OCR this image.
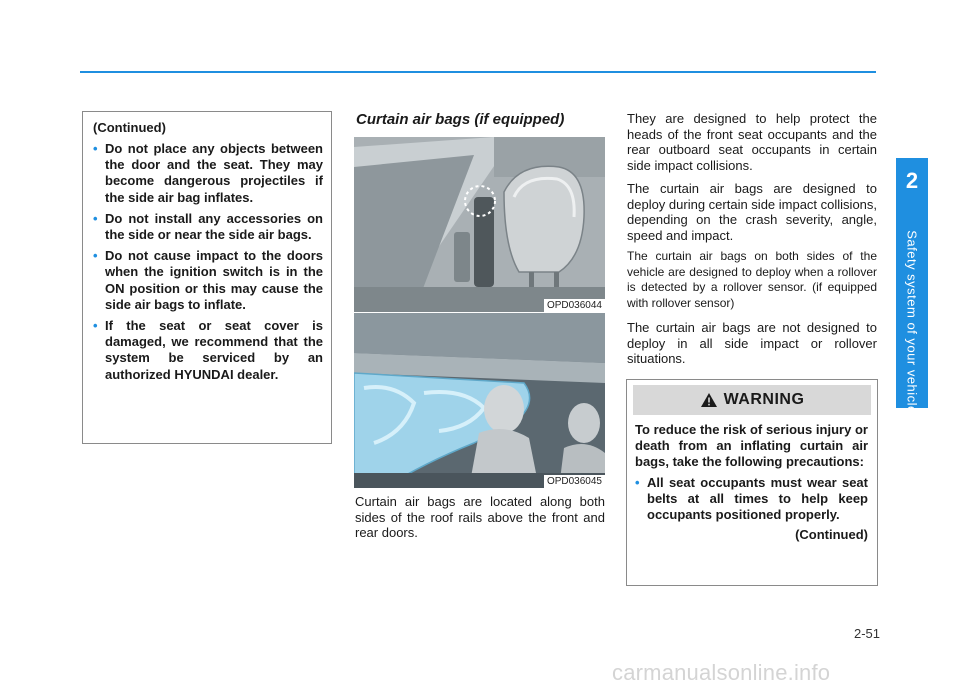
2
Safety system of your vehicle
(Continued)
• Do not place any objects between the door and the seat. They may become dangerous projectiles if the side air bag inflates.
• Do not install any accessories on the side or near the side air bags.
• Do not cause impact to the doors when the ignition switch is in the ON position or this may cause the side air bags to inflate.
• If the seat or seat cover is damaged, we recommend that the system be serviced by an authorized HYUNDAI dealer.
Curtain air bags (if equipped)
OPD036044
OPD036045
Curtain air bags are located along both sides of the roof rails above the front and rear doors.
They are designed to help protect the heads of the front seat occupants and the rear outboard seat occupants in certain side impact collisions.
The curtain air bags are designed to deploy during certain side impact collisions, depending on the crash severity, angle, speed and impact.
The curtain air bags on both sides of the vehicle are designed to deploy when a rollover is detected by a rollover sensor. (if equipped with rollover sensor)
The curtain air bags are not designed to deploy in all side impact or rollover situations.
WARNING
To reduce the risk of serious injury or death from an inflating curtain air bags, take the following precautions:
• All seat occupants must wear seat belts at all times to help keep occupants positioned properly.
(Continued)
2-51
carmanualsonline.info
